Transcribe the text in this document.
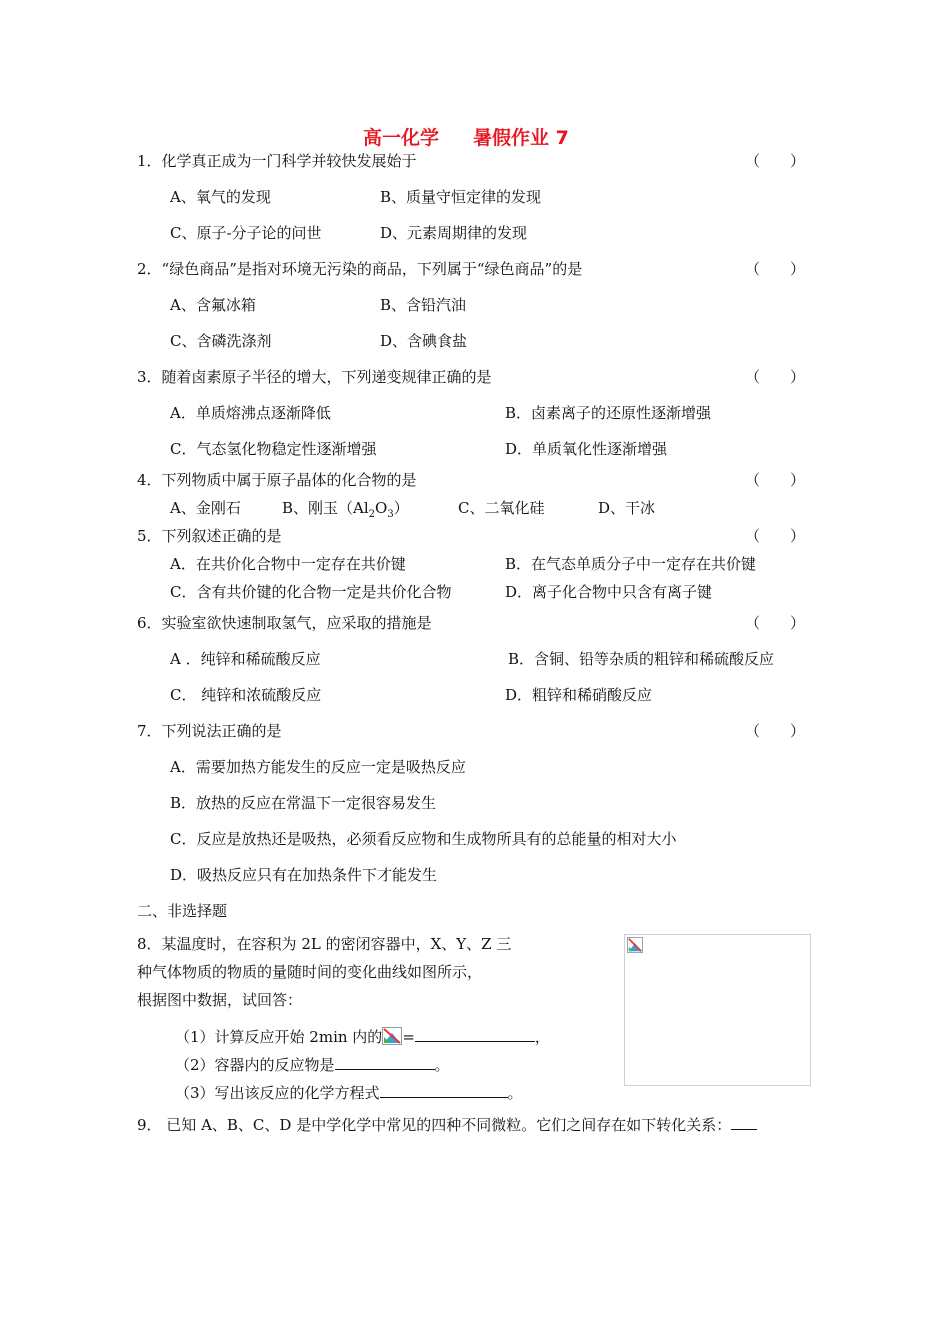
高一化学 暑假作业 7
1．化学真正成为一门科学并较快发展始于	（　　）
A、氧气的发现	B、质量守恒定律的发现
C、原子-分子论的问世	D、元素周期律的发现
2．“绿色商品”是指对环境无污染的商品，下列属于“绿色商品”的是	（　　）
A、含氟冰箱	B、含铅汽油
C、含磷洗涤剂	D、含碘食盐
3．随着卤素原子半径的增大，下列递变规律正确的是	（　　）
A．单质熔沸点逐渐降低	B．卤素离子的还原性逐渐增强
C．气态氢化物稳定性逐渐增强	D．单质氧化性逐渐增强
4．下列物质中属于原子晶体的化合物的是	（　　）
A、金刚石	B、刚玉$(Al_2O_3)$	C、二氧化硅	D、干冰
5．下列叙述正确的是	（　　）
A．在共价化合物中一定存在共价键	B．在气态单质分子中一定存在共价键
C．含有共价键的化合物一定是共价化合物	D．离子化合物中只含有离子键
6．实验室欲快速制取氢气，应采取的措施是	（　　）
A ．纯锌和稀硫酸反应	B．含铜、铅等杂质的粗锌和稀硫酸反应
C． 纯锌和浓硫酸反应	D．粗锌和稀硝酸反应
7．下列说法正确的是	（　　）
A．需要加热方能发生的反应一定是吸热反应
B．放热的反应在常温下一定很容易发生
C．反应是放热还是吸热，必须看反应物和生成物所具有的总能量的相对大小
D．吸热反应只有在加热条件下才能发生
二、非选择题
8．某温度时，在容积为 2L 的密闭容器中，X、Y、Z 三
种气体物质的物质的量随时间的变化曲线如图所示，
根据图中数据，试回答：
（1）计算反应开始 2min 内的 =	，
（2）容器内的反应物是	。
（3）写出该反应的化学方程式	。
9． 已知 A、B、C、D 是中学化学中常见的四种不同微粒。它们之间存在如下转化关系：
